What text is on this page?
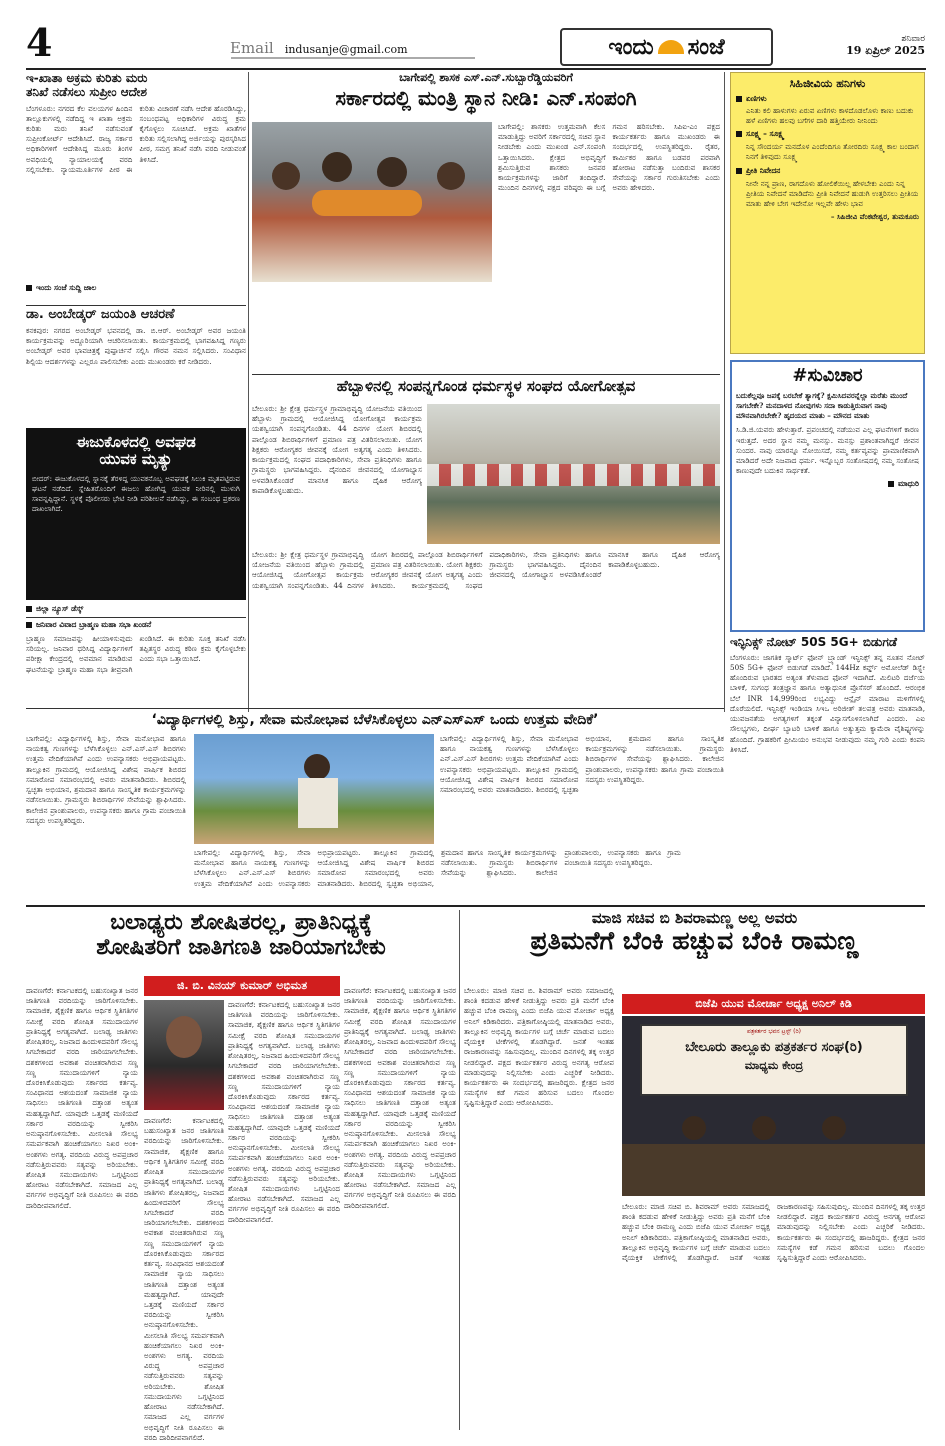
4	Email indusanje@gmail.com	ಇಂದು ಸಂಜೆ	ಶನಿವಾರ
19 ಏಪ್ರಿಲ್ 2025
ಇ-ಖಾತಾ ಅಕ್ರಮ ಕುರಿತು ಮರು
ತನಿಖೆ ನಡೆಸಲು ಸುಪ್ರೀಂ ಆದೇಶ
ಬೆಂಗಳೂರು: ನಗರದ ಕೆಲ ವಲಯಗಳ ಹಿಂದಿನ ತಾಲ್ಲೂಕುಗಳಲ್ಲಿ ನಡೆದಿದ್ದ ಇ ಖಾತಾ ಅಕ್ರಮ ಕುರಿತು ಮರು ತನಿಖೆ ನಡೆಸುವಂತೆ ಸುಪ್ರೀಂಕೋರ್ಟ್ ಆದೇಶಿಸಿದೆ. ರಾಜ್ಯ ಸರ್ಕಾರ ಅಧಿಕಾರಿಗಳಿಗೆ ಆದೇಶಿಸಿದ್ದ ಮೂರು ತಿಂಗಳ ಅವಧಿಯಲ್ಲಿ ನ್ಯಾಯಾಲಯಕ್ಕೆ ವರದಿ ಸಲ್ಲಿಸಬೇಕು. ನ್ಯಾಯಮೂರ್ತಿಗಳ ಪೀಠ ಈ ಕುರಿತು ವಿಚಾರಣೆ ನಡೆಸಿ ಆದೇಶ ಹೊರಡಿಸಿದ್ದು, ಸಂಬಂಧಪಟ್ಟ ಅಧಿಕಾರಿಗಳ ವಿರುದ್ಧ ಕ್ರಮ ಕೈಗೊಳ್ಳಲು ಸೂಚಿಸಿದೆ. ಅಕ್ರಮ ಖಾತೆಗಳ ಕುರಿತು ಸಲ್ಲಿಸಲಾಗಿದ್ದ ಅರ್ಜಿಯನ್ನು ಪುರಸ್ಕರಿಸಿದ ಪೀಠ, ಸಮಗ್ರ ತನಿಖೆ ನಡೆಸಿ ವರದಿ ನೀಡುವಂತೆ ತಿಳಿಸಿದೆ.
ಇಂದು ಸಂಜೆ ಸುದ್ದಿ ಜಾಲ
ಡಾ. ಅಂಬೇಡ್ಕರ್ ಜಯಂತಿ ಆಚರಣೆ
ಕನಕಪುರ: ನಗರದ ಅಂಬೇಡ್ಕರ್ ಭವನದಲ್ಲಿ ಡಾ. ಬಿ.ಆರ್. ಅಂಬೇಡ್ಕರ್ ಅವರ ಜಯಂತಿ ಕಾರ್ಯಕ್ರಮವನ್ನು ಅದ್ದೂರಿಯಾಗಿ ಆಚರಿಸಲಾಯಿತು. ಕಾರ್ಯಕ್ರಮದಲ್ಲಿ ಭಾಗವಹಿಸಿದ್ದ ಗಣ್ಯರು ಅಂಬೇಡ್ಕರ್ ಅವರ ಭಾವಚಿತ್ರಕ್ಕೆ ಪುಷ್ಪಾರ್ಚನೆ ಸಲ್ಲಿಸಿ ಗೌರವ ನಮನ ಸಲ್ಲಿಸಿದರು. ಸಂವಿಧಾನ ಶಿಲ್ಪಿಯ ಆದರ್ಶಗಳನ್ನು ಎಲ್ಲರೂ ಪಾಲಿಸಬೇಕು ಎಂದು ಮುಖಂಡರು ಕರೆ ನೀಡಿದರು.
ಈಜುಕೊಳದಲ್ಲಿ ಅವಘಡ
ಯುವಕ ಮೃತ್ಯು
ಬೀದರ್: ಈಜುಕೊಳದಲ್ಲಿ ಸ್ನಾನಕ್ಕೆ ತೆರಳಿದ್ದ ಯುವಕನೊಬ್ಬ ಅವಘಡಕ್ಕೆ ಸಿಲುಕಿ ಮೃತಪಟ್ಟಿರುವ ಘಟನೆ ನಡೆದಿದೆ. ಸ್ನೇಹಿತರೊಂದಿಗೆ ಈಜಲು ಹೋಗಿದ್ದ ಯುವಕ ನೀರಿನಲ್ಲಿ ಮುಳುಗಿ ಸಾವನ್ನಪ್ಪಿದ್ದಾನೆ. ಸ್ಥಳಕ್ಕೆ ಪೊಲೀಸರು ಭೇಟಿ ನೀಡಿ ಪರಿಶೀಲನೆ ನಡೆಸಿದ್ದು, ಈ ಸಂಬಂಧ ಪ್ರಕರಣ ದಾಖಲಾಗಿದೆ.
ಜಿಲ್ಲಾ ನ್ಯೂಸ್ ಡೆಸ್ಕ್
ಜನಿವಾರ ವಿವಾದ ಬ್ರಾಹ್ಮಣ ಮಹಾ ಸಭಾ ಖಂಡನೆ
ಬ್ರಾಹ್ಮಣ ಸಮಾಜವನ್ನು ಹೀಯಾಳಿಸುವುದು ಸರಿಯಲ್ಲ. ಜನಿವಾರ ಧರಿಸಿದ್ದ ವಿದ್ಯಾರ್ಥಿಗಳಿಗೆ ಪರೀಕ್ಷಾ ಕೇಂದ್ರದಲ್ಲಿ ಅವಮಾನ ಮಾಡಿರುವ ಘಟನೆಯನ್ನು ಬ್ರಾಹ್ಮಣ ಮಹಾ ಸಭಾ ತೀವ್ರವಾಗಿ ಖಂಡಿಸಿದೆ. ಈ ಕುರಿತು ಸೂಕ್ತ ತನಿಖೆ ನಡೆಸಿ ತಪ್ಪಿತಸ್ಥರ ವಿರುದ್ಧ ಕಠಿಣ ಕ್ರಮ ಕೈಗೊಳ್ಳಬೇಕು ಎಂದು ಸಭಾ ಒತ್ತಾಯಿಸಿದೆ.
ಬಾಗೇಪಲ್ಲಿ ಶಾಸಕ ಎಸ್.ಎನ್.ಸುಬ್ಬಾರೆಡ್ಡಿಯವರಿಗೆ
ಸರ್ಕಾರದಲ್ಲಿ ಮಂತ್ರಿ ಸ್ಥಾನ ನೀಡಿ: ಎನ್.ಸಂಪಂಗಿ
ಬಾಗೇಪಲ್ಲಿ: ಶಾಸಕರು ಉತ್ತಮವಾಗಿ ಕೆಲಸ ಮಾಡುತ್ತಿದ್ದು ಅವರಿಗೆ ಸರ್ಕಾರದಲ್ಲಿ ಸಚಿವ ಸ್ಥಾನ ನೀಡಬೇಕು ಎಂದು ಮುಖಂಡ ಎನ್.ಸಂಪಂಗಿ ಒತ್ತಾಯಿಸಿದರು. ಕ್ಷೇತ್ರದ ಅಭಿವೃದ್ಧಿಗೆ ಶ್ರಮಿಸುತ್ತಿರುವ ಶಾಸಕರು ಜನಪರ ಕಾರ್ಯಕ್ರಮಗಳನ್ನು ಜಾರಿಗೆ ತಂದಿದ್ದಾರೆ. ಮುಂದಿನ ದಿನಗಳಲ್ಲಿ ಪಕ್ಷದ ವರಿಷ್ಠರು ಈ ಬಗ್ಗೆ ಗಮನ ಹರಿಸಬೇಕು. ಸಿಪಿಐ-ಎಂ ಪಕ್ಷದ ಕಾರ್ಯಕರ್ತರು ಹಾಗೂ ಮುಖಂಡರು ಈ ಸಂದರ್ಭದಲ್ಲಿ ಉಪಸ್ಥಿತರಿದ್ದರು. ರೈತರ, ಕಾರ್ಮಿಕರ ಹಾಗೂ ಬಡವರ ಪರವಾಗಿ ಹೋರಾಟ ನಡೆಸುತ್ತಾ ಬಂದಿರುವ ಶಾಸಕರ ಸೇವೆಯನ್ನು ಸರ್ಕಾರ ಗುರುತಿಸಬೇಕು ಎಂದು ಅವರು ಹೇಳಿದರು.
ಹೆಬ್ಬಾಳಿನಲ್ಲಿ ಸಂಪನ್ನಗೊಂಡ ಧರ್ಮಸ್ಥಳ ಸಂಘದ ಯೋಗೋತ್ಸವ
ಬೇಲೂರು: ಶ್ರೀ ಕ್ಷೇತ್ರ ಧರ್ಮಸ್ಥಳ ಗ್ರಾಮಾಭಿವೃದ್ಧಿ ಯೋಜನೆಯ ವತಿಯಿಂದ ಹೆಬ್ಬಾಳು ಗ್ರಾಮದಲ್ಲಿ ಆಯೋಜಿಸಿದ್ದ ಯೋಗೋತ್ಸವ ಕಾರ್ಯಕ್ರಮ ಯಶಸ್ವಿಯಾಗಿ ಸಂಪನ್ನಗೊಂಡಿತು. 44 ದಿನಗಳ ಯೋಗ ಶಿಬಿರದಲ್ಲಿ ಪಾಲ್ಗೊಂಡ ಶಿಬಿರಾರ್ಥಿಗಳಿಗೆ ಪ್ರಮಾಣ ಪತ್ರ ವಿತರಿಸಲಾಯಿತು. ಯೋಗ ಶಿಕ್ಷಕರು ಆರೋಗ್ಯಕರ ಜೀವನಕ್ಕೆ ಯೋಗ ಅತ್ಯಗತ್ಯ ಎಂದು ತಿಳಿಸಿದರು. ಕಾರ್ಯಕ್ರಮದಲ್ಲಿ ಸಂಘದ ಪದಾಧಿಕಾರಿಗಳು, ಸೇವಾ ಪ್ರತಿನಿಧಿಗಳು ಹಾಗೂ ಗ್ರಾಮಸ್ಥರು ಭಾಗವಹಿಸಿದ್ದರು. ದೈನಂದಿನ ಜೀವನದಲ್ಲಿ ಯೋಗಾಭ್ಯಾಸ ಅಳವಡಿಸಿಕೊಂಡರೆ ಮಾನಸಿಕ ಹಾಗೂ ದೈಹಿಕ ಆರೋಗ್ಯ ಕಾಪಾಡಿಕೊಳ್ಳಬಹುದು.
ಬೇಲೂರು: ಶ್ರೀ ಕ್ಷೇತ್ರ ಧರ್ಮಸ್ಥಳ ಗ್ರಾಮಾಭಿವೃದ್ಧಿ ಯೋಜನೆಯ ವತಿಯಿಂದ ಹೆಬ್ಬಾಳು ಗ್ರಾಮದಲ್ಲಿ ಆಯೋಜಿಸಿದ್ದ ಯೋಗೋತ್ಸವ ಕಾರ್ಯಕ್ರಮ ಯಶಸ್ವಿಯಾಗಿ ಸಂಪನ್ನಗೊಂಡಿತು. 44 ದಿನಗಳ ಯೋಗ ಶಿಬಿರದಲ್ಲಿ ಪಾಲ್ಗೊಂಡ ಶಿಬಿರಾರ್ಥಿಗಳಿಗೆ ಪ್ರಮಾಣ ಪತ್ರ ವಿತರಿಸಲಾಯಿತು. ಯೋಗ ಶಿಕ್ಷಕರು ಆರೋಗ್ಯಕರ ಜೀವನಕ್ಕೆ ಯೋಗ ಅತ್ಯಗತ್ಯ ಎಂದು ತಿಳಿಸಿದರು. ಕಾರ್ಯಕ್ರಮದಲ್ಲಿ ಸಂಘದ ಪದಾಧಿಕಾರಿಗಳು, ಸೇವಾ ಪ್ರತಿನಿಧಿಗಳು ಹಾಗೂ ಗ್ರಾಮಸ್ಥರು ಭಾಗವಹಿಸಿದ್ದರು. ದೈನಂದಿನ ಜೀವನದಲ್ಲಿ ಯೋಗಾಭ್ಯಾಸ ಅಳವಡಿಸಿಕೊಂಡರೆ ಮಾನಸಿಕ ಹಾಗೂ ದೈಹಿಕ ಆರೋಗ್ಯ ಕಾಪಾಡಿಕೊಳ್ಳಬಹುದು.
ಸಿಹಿಜೀವಿಯ ಹನಿಗಳು
ಏಣಿಗಳು
ಎನಿತು ಕಲಿ ಹಾಳುಗಳು ಏರುವ ಏಣಿಗಳು ಕಾಳದೊಡಲೊಳು ಕಾಣು ಬದುಕು ಹಳೆ ಏಣಿಗಳು ಹಲವು ಬಗೆಗಳ ದಾರಿ ಹತ್ತಿಯೇರು ನೀನಿಂದು
ಸೂಕ್ಷ್ಮ – ಸೂಕ್ಷ್ಮ
ನಿನ್ನ ಸೌಂದರ್ಯ ಮನದೊಳ ಎಂದೆಂದಿಗೂ ತೋರದಿರು ಸೂಕ್ಷ್ಮ ಕಾಲ ಬಂದಾಗ ನಿನಗೆ ತಿಳಿವುದು ಸೂಕ್ಷ್ಮ
ಪ್ರೀತಿ ನಿವೇದನ
ನೀನೇ ನನ್ನ ಪ್ರಾಣ, ರಾಗದೊಳು ಹೋಲಿಕೆಯಿಲ್ಲ ಹೇಳಬೇಕು ಎಂದು ನಿನ್ನ ಪ್ರೀತಿಯ ನಿವೇದನೆ ಮಾಡಿದೆನು ಪ್ರೀತಿ ನಿವೇದನೆ ಹುಡುಗಿ ಉತ್ತರಿಸಲು ಪ್ರೀತಿಯ ಮಾತು ಹೇಳಿ ಬೇಗ ಇದೇನೋ ಇಲ್ಲವೇ ಹೇಳು ಭಾವ
– ಸಿಹಿಜೀವಿ ವೆಂಕಟೇಶ್ವರ, ತುಮಕೂರು
#ಸುವಿಚಾರ
ಬದುಕೆಲ್ಲವೂ ಜಪಕ್ಕೆ ಬರಬೇಕೆ ತ್ಯಾಗಕ್ಕೆ? ಕ್ಷಮಿಸಿದವರನ್ನೆಲ್ಲಾ ಮರೆತು ಮುಂದೆ ಸಾಗಬೇಕೇ? ಮನದಾಳದ ನೋವುಗಳು ಸದಾ ಕಾಡುತ್ತಿರುವಾಗ ನಾವು ಮೌನವಾಗಿರಬೇಕೇ? ಹೃದಯದ ಮಾತು – ಮೌನದ ಮಾತು
ಸಿ.ಡಿ.ಜಿ.ಯವರು ಹೇಳುತ್ತಾರೆ. ಪ್ರಪಂಚದಲ್ಲಿ ನಡೆಯುವ ಎಲ್ಲ ಘಟನೆಗಳಿಗೆ ಕಾರಣ ಇರುತ್ತದೆ. ಅದರ ಸ್ಥಾನ ನಮ್ಮ ಮನಸ್ಸು. ಮನಸ್ಸು ಪ್ರಶಾಂತವಾಗಿದ್ದರೆ ಜೀವನ ಸುಂದರ. ನಾವು ಯಾರನ್ನೂ ನೋಯಿಸದೆ, ನಮ್ಮ ಕರ್ತವ್ಯವನ್ನು ಪ್ರಾಮಾಣಿಕವಾಗಿ ಮಾಡಿದರೆ ಅದೇ ನಿಜವಾದ ಧರ್ಮ. ಇನ್ನೊಬ್ಬರ ಸಂತೋಷದಲ್ಲಿ ನಮ್ಮ ಸಂತೋಷ ಕಾಣುವುದೇ ಬದುಕಿನ ಸಾರ್ಥಕತೆ.
ಮಾಧುರಿ
ಇನ್ಫಿನಿಕ್ಸ್ ನೋಟ್ 50S 5G+ ಬಿಡುಗಡೆ
ಬೆಂಗಳೂರು: ಜಾಗತಿಕ ಸ್ಮಾರ್ಟ್ ಫೋನ್ ಬ್ರ್ಯಾಂಡ್ ಇನ್ಫಿನಿಕ್ಸ್ ತನ್ನ ನೂತನ ನೋಟ್ 50S 5G+ ಫೋನ್ ಬಿಡುಗಡೆ ಮಾಡಿದೆ. 144Hz ಕರ್ವ್ಡ್ ಅಮೋಲೆಡ್ ಡಿಸ್ಪ್ಲೇ ಹೊಂದಿರುವ ಭಾರತದ ಅತ್ಯಂತ ತೆಳುವಾದ ಫೋನ್ ಇದಾಗಿದೆ. ಮಿಲಿಟರಿ ದರ್ಜೆಯ ಬಾಳಿಕೆ, ಸುಗಂಧ ತಂತ್ರಜ್ಞಾನ ಹಾಗೂ ಅತ್ಯಾಧುನಿಕ ಪ್ರೊಸೆಸರ್ ಹೊಂದಿದೆ. ಆರಂಭಿಕ ಬೆಲೆ INR 14,999ರಿಂದ ಲಭ್ಯವಿದ್ದು ಆನ್ಲೈನ್ ಮಾರಾಟ ಮಳಿಗೆಗಳಲ್ಲಿ ದೊರೆಯಲಿದೆ. ಇನ್ಫಿನಿಕ್ಸ್ ಇಂಡಿಯಾ ಸಿಇಒ ಅರಿಜೀತ್ ತಲಪತ್ರ ಅವರು ಮಾತನಾಡಿ, ಯುವಜನತೆಯ ಅಗತ್ಯಗಳಿಗೆ ತಕ್ಕಂತೆ ವಿನ್ಯಾಸಗೊಳಿಸಲಾಗಿದೆ ಎಂದರು. ಎಐ ಸೌಲಭ್ಯಗಳು, ದೀರ್ಘ ಬ್ಯಾಟರಿ ಬಾಳಿಕೆ ಹಾಗೂ ಅತ್ಯುತ್ತಮ ಕ್ಯಾಮೆರಾ ವೈಶಿಷ್ಟ್ಯಗಳನ್ನು ಹೊಂದಿದೆ. ಗ್ರಾಹಕರಿಗೆ ಪ್ರೀಮಿಯಂ ಅನುಭವ ನೀಡುವುದು ನಮ್ಮ ಗುರಿ ಎಂದು ಕಂಪನಿ ತಿಳಿಸಿದೆ.
‘ವಿದ್ಯಾರ್ಥಿಗಳಲ್ಲಿ ಶಿಸ್ತು, ಸೇವಾ ಮನೋಭಾವ ಬೆಳೆಸಿಕೊಳ್ಳಲು ಎನ್ಎಸ್ಎಸ್ ಒಂದು ಉತ್ತಮ ವೇದಿಕೆ’
ಬಾಗೇಪಲ್ಲಿ: ವಿದ್ಯಾರ್ಥಿಗಳಲ್ಲಿ ಶಿಸ್ತು, ಸೇವಾ ಮನೋಭಾವ ಹಾಗೂ ನಾಯಕತ್ವ ಗುಣಗಳನ್ನು ಬೆಳೆಸಿಕೊಳ್ಳಲು ಎನ್.ಎಸ್.ಎಸ್ ಶಿಬಿರಗಳು ಉತ್ತಮ ವೇದಿಕೆಯಾಗಿವೆ ಎಂದು ಉಪನ್ಯಾಸಕರು ಅಭಿಪ್ರಾಯಪಟ್ಟರು. ತಾಲ್ಲೂಕಿನ ಗ್ರಾಮದಲ್ಲಿ ಆಯೋಜಿಸಿದ್ದ ವಿಶೇಷ ವಾರ್ಷಿಕ ಶಿಬಿರದ ಸಮಾರೋಪ ಸಮಾರಂಭದಲ್ಲಿ ಅವರು ಮಾತನಾಡಿದರು. ಶಿಬಿರದಲ್ಲಿ ಸ್ವಚ್ಛತಾ ಅಭಿಯಾನ, ಶ್ರಮದಾನ ಹಾಗೂ ಸಾಂಸ್ಕೃತಿಕ ಕಾರ್ಯಕ್ರಮಗಳನ್ನು ನಡೆಸಲಾಯಿತು. ಗ್ರಾಮಸ್ಥರು ಶಿಬಿರಾರ್ಥಿಗಳ ಸೇವೆಯನ್ನು ಶ್ಲಾಘಿಸಿದರು. ಕಾಲೇಜಿನ ಪ್ರಾಂಶುಪಾಲರು, ಉಪನ್ಯಾಸಕರು ಹಾಗೂ ಗ್ರಾಮ ಪಂಚಾಯಿತಿ ಸದಸ್ಯರು ಉಪಸ್ಥಿತರಿದ್ದರು.
ಬಾಗೇಪಲ್ಲಿ: ವಿದ್ಯಾರ್ಥಿಗಳಲ್ಲಿ ಶಿಸ್ತು, ಸೇವಾ ಮನೋಭಾವ ಹಾಗೂ ನಾಯಕತ್ವ ಗುಣಗಳನ್ನು ಬೆಳೆಸಿಕೊಳ್ಳಲು ಎನ್.ಎಸ್.ಎಸ್ ಶಿಬಿರಗಳು ಉತ್ತಮ ವೇದಿಕೆಯಾಗಿವೆ ಎಂದು ಉಪನ್ಯಾಸಕರು ಅಭಿಪ್ರಾಯಪಟ್ಟರು. ತಾಲ್ಲೂಕಿನ ಗ್ರಾಮದಲ್ಲಿ ಆಯೋಜಿಸಿದ್ದ ವಿಶೇಷ ವಾರ್ಷಿಕ ಶಿಬಿರದ ಸಮಾರೋಪ ಸಮಾರಂಭದಲ್ಲಿ ಅವರು ಮಾತನಾಡಿದರು. ಶಿಬಿರದಲ್ಲಿ ಸ್ವಚ್ಛತಾ ಅಭಿಯಾನ, ಶ್ರಮದಾನ ಹಾಗೂ ಸಾಂಸ್ಕೃತಿಕ ಕಾರ್ಯಕ್ರಮಗಳನ್ನು ನಡೆಸಲಾಯಿತು. ಗ್ರಾಮಸ್ಥರು ಶಿಬಿರಾರ್ಥಿಗಳ ಸೇವೆಯನ್ನು ಶ್ಲಾಘಿಸಿದರು. ಕಾಲೇಜಿನ ಪ್ರಾಂಶುಪಾಲರು, ಉಪನ್ಯಾಸಕರು ಹಾಗೂ ಗ್ರಾಮ ಪಂಚಾಯಿತಿ ಸದಸ್ಯರು ಉಪಸ್ಥಿತರಿದ್ದರು.
ಬಾಗೇಪಲ್ಲಿ: ವಿದ್ಯಾರ್ಥಿಗಳಲ್ಲಿ ಶಿಸ್ತು, ಸೇವಾ ಮನೋಭಾವ ಹಾಗೂ ನಾಯಕತ್ವ ಗುಣಗಳನ್ನು ಬೆಳೆಸಿಕೊಳ್ಳಲು ಎನ್.ಎಸ್.ಎಸ್ ಶಿಬಿರಗಳು ಉತ್ತಮ ವೇದಿಕೆಯಾಗಿವೆ ಎಂದು ಉಪನ್ಯಾಸಕರು ಅಭಿಪ್ರಾಯಪಟ್ಟರು. ತಾಲ್ಲೂಕಿನ ಗ್ರಾಮದಲ್ಲಿ ಆಯೋಜಿಸಿದ್ದ ವಿಶೇಷ ವಾರ್ಷಿಕ ಶಿಬಿರದ ಸಮಾರೋಪ ಸಮಾರಂಭದಲ್ಲಿ ಅವರು ಮಾತನಾಡಿದರು. ಶಿಬಿರದಲ್ಲಿ ಸ್ವಚ್ಛತಾ ಅಭಿಯಾನ, ಶ್ರಮದಾನ ಹಾಗೂ ಸಾಂಸ್ಕೃತಿಕ ಕಾರ್ಯಕ್ರಮಗಳನ್ನು ನಡೆಸಲಾಯಿತು. ಗ್ರಾಮಸ್ಥರು ಶಿಬಿರಾರ್ಥಿಗಳ ಸೇವೆಯನ್ನು ಶ್ಲಾಘಿಸಿದರು. ಕಾಲೇಜಿನ ಪ್ರಾಂಶುಪಾಲರು, ಉಪನ್ಯಾಸಕರು ಹಾಗೂ ಗ್ರಾಮ ಪಂಚಾಯಿತಿ ಸದಸ್ಯರು ಉಪಸ್ಥಿತರಿದ್ದರು.
ಬಲಾಢ್ಯರು ಶೋಷಿತರಲ್ಲ, ಪ್ರಾತಿನಿಧ್ಯಕ್ಕೆ
ಶೋಷಿತರಿಗೆ ಜಾತಿಗಣತಿ ಜಾರಿಯಾಗಬೇಕು
ಜಿ. ಬಿ. ವಿನಯ್ ಕುಮಾರ್ ಅಭಿಮತ
ದಾವಣಗೆರೆ: ಕರ್ನಾಟಕದಲ್ಲಿ ಬಹುಸಂಖ್ಯಾತ ಜನರ ಜಾತಿಗಣತಿ ವರದಿಯನ್ನು ಜಾರಿಗೊಳಿಸಬೇಕು. ಸಾಮಾಜಿಕ, ಶೈಕ್ಷಣಿಕ ಹಾಗೂ ಆರ್ಥಿಕ ಸ್ಥಿತಿಗತಿಗಳ ಸಮೀಕ್ಷೆ ವರದಿ ಶೋಷಿತ ಸಮುದಾಯಗಳ ಪ್ರಾತಿನಿಧ್ಯಕ್ಕೆ ಅಗತ್ಯವಾಗಿದೆ. ಬಲಾಢ್ಯ ಜಾತಿಗಳು ಶೋಷಿತರಲ್ಲ, ನಿಜವಾದ ಹಿಂದುಳಿದವರಿಗೆ ಸೌಲಭ್ಯ ಸಿಗಬೇಕಾದರೆ ವರದಿ ಜಾರಿಯಾಗಲೇಬೇಕು. ದಶಕಗಳಿಂದ ಅವಕಾಶ ವಂಚಿತರಾಗಿರುವ ಸಣ್ಣ ಸಣ್ಣ ಸಮುದಾಯಗಳಿಗೆ ನ್ಯಾಯ ದೊರಕಿಸಿಕೊಡುವುದು ಸರ್ಕಾರದ ಕರ್ತವ್ಯ. ಸಂವಿಧಾನದ ಆಶಯದಂತೆ ಸಾಮಾಜಿಕ ನ್ಯಾಯ ಸಾಧಿಸಲು ಜಾತಿಗಣತಿ ದತ್ತಾಂಶ ಅತ್ಯಂತ ಮಹತ್ವದ್ದಾಗಿದೆ. ಯಾವುದೇ ಒತ್ತಡಕ್ಕೆ ಮಣಿಯದೆ ಸರ್ಕಾರ ವರದಿಯನ್ನು ಸ್ವೀಕರಿಸಿ ಅನುಷ್ಠಾನಗೊಳಿಸಬೇಕು. ಮೀಸಲಾತಿ ಸೌಲಭ್ಯ ಸಮರ್ಪಕವಾಗಿ ಹಂಚಿಕೆಯಾಗಲು ನಿಖರ ಅಂಕಿ-ಅಂಶಗಳು ಅಗತ್ಯ. ವರದಿಯ ವಿರುದ್ಧ ಅಪಪ್ರಚಾರ ನಡೆಸುತ್ತಿರುವವರು ಸತ್ಯವನ್ನು ಅರಿಯಬೇಕು. ಶೋಷಿತ ಸಮುದಾಯಗಳು ಒಗ್ಗಟ್ಟಿನಿಂದ ಹೋರಾಟ ನಡೆಸಬೇಕಾಗಿದೆ. ಸಮಾಜದ ಎಲ್ಲ ವರ್ಗಗಳ ಅಭಿವೃದ್ಧಿಗೆ ನೀತಿ ರೂಪಿಸಲು ಈ ವರದಿ ದಾರಿದೀಪವಾಗಲಿದೆ.
ದಾವಣಗೆರೆ: ಕರ್ನಾಟಕದಲ್ಲಿ ಬಹುಸಂಖ್ಯಾತ ಜನರ ಜಾತಿಗಣತಿ ವರದಿಯನ್ನು ಜಾರಿಗೊಳಿಸಬೇಕು. ಸಾಮಾಜಿಕ, ಶೈಕ್ಷಣಿಕ ಹಾಗೂ ಆರ್ಥಿಕ ಸ್ಥಿತಿಗತಿಗಳ ಸಮೀಕ್ಷೆ ವರದಿ ಶೋಷಿತ ಸಮುದಾಯಗಳ ಪ್ರಾತಿನಿಧ್ಯಕ್ಕೆ ಅಗತ್ಯವಾಗಿದೆ. ಬಲಾಢ್ಯ ಜಾತಿಗಳು ಶೋಷಿತರಲ್ಲ, ನಿಜವಾದ ಹಿಂದುಳಿದವರಿಗೆ ಸೌಲಭ್ಯ ಸಿಗಬೇಕಾದರೆ ವರದಿ ಜಾರಿಯಾಗಲೇಬೇಕು. ದಶಕಗಳಿಂದ ಅವಕಾಶ ವಂಚಿತರಾಗಿರುವ ಸಣ್ಣ ಸಣ್ಣ ಸಮುದಾಯಗಳಿಗೆ ನ್ಯಾಯ ದೊರಕಿಸಿಕೊಡುವುದು ಸರ್ಕಾರದ ಕರ್ತವ್ಯ. ಸಂವಿಧಾನದ ಆಶಯದಂತೆ ಸಾಮಾಜಿಕ ನ್ಯಾಯ ಸಾಧಿಸಲು ಜಾತಿಗಣತಿ ದತ್ತಾಂಶ ಅತ್ಯಂತ ಮಹತ್ವದ್ದಾಗಿದೆ. ಯಾವುದೇ ಒತ್ತಡಕ್ಕೆ ಮಣಿಯದೆ ಸರ್ಕಾರ ವರದಿಯನ್ನು ಸ್ವೀಕರಿಸಿ ಅನುಷ್ಠಾನಗೊಳಿಸಬೇಕು. ಮೀಸಲಾತಿ ಸೌಲಭ್ಯ ಸಮರ್ಪಕವಾಗಿ ಹಂಚಿಕೆಯಾಗಲು ನಿಖರ ಅಂಕಿ-ಅಂಶಗಳು ಅಗತ್ಯ. ವರದಿಯ ವಿರುದ್ಧ ಅಪಪ್ರಚಾರ ನಡೆಸುತ್ತಿರುವವರು ಸತ್ಯವನ್ನು ಅರಿಯಬೇಕು. ಶೋಷಿತ ಸಮುದಾಯಗಳು ಒಗ್ಗಟ್ಟಿನಿಂದ ಹೋರಾಟ ನಡೆಸಬೇಕಾಗಿದೆ. ಸಮಾಜದ ಎಲ್ಲ ವರ್ಗಗಳ ಅಭಿವೃದ್ಧಿಗೆ ನೀತಿ ರೂಪಿಸಲು ಈ ವರದಿ ದಾರಿದೀಪವಾಗಲಿದೆ.
ದಾವಣಗೆರೆ: ಕರ್ನಾಟಕದಲ್ಲಿ ಬಹುಸಂಖ್ಯಾತ ಜನರ ಜಾತಿಗಣತಿ ವರದಿಯನ್ನು ಜಾರಿಗೊಳಿಸಬೇಕು. ಸಾಮಾಜಿಕ, ಶೈಕ್ಷಣಿಕ ಹಾಗೂ ಆರ್ಥಿಕ ಸ್ಥಿತಿಗತಿಗಳ ಸಮೀಕ್ಷೆ ವರದಿ ಶೋಷಿತ ಸಮುದಾಯಗಳ ಪ್ರಾತಿನಿಧ್ಯಕ್ಕೆ ಅಗತ್ಯವಾಗಿದೆ. ಬಲಾಢ್ಯ ಜಾತಿಗಳು ಶೋಷಿತರಲ್ಲ, ನಿಜವಾದ ಹಿಂದುಳಿದವರಿಗೆ ಸೌಲಭ್ಯ ಸಿಗಬೇಕಾದರೆ ವರದಿ ಜಾರಿಯಾಗಲೇಬೇಕು. ದಶಕಗಳಿಂದ ಅವಕಾಶ ವಂಚಿತರಾಗಿರುವ ಸಣ್ಣ ಸಣ್ಣ ಸಮುದಾಯಗಳಿಗೆ ನ್ಯಾಯ ದೊರಕಿಸಿಕೊಡುವುದು ಸರ್ಕಾರದ ಕರ್ತವ್ಯ. ಸಂವಿಧಾನದ ಆಶಯದಂತೆ ಸಾಮಾಜಿಕ ನ್ಯಾಯ ಸಾಧಿಸಲು ಜಾತಿಗಣತಿ ದತ್ತಾಂಶ ಅತ್ಯಂತ ಮಹತ್ವದ್ದಾಗಿದೆ. ಯಾವುದೇ ಒತ್ತಡಕ್ಕೆ ಮಣಿಯದೆ ಸರ್ಕಾರ ವರದಿಯನ್ನು ಸ್ವೀಕರಿಸಿ ಅನುಷ್ಠಾನಗೊಳಿಸಬೇಕು. ಮೀಸಲಾತಿ ಸೌಲಭ್ಯ ಸಮರ್ಪಕವಾಗಿ ಹಂಚಿಕೆಯಾಗಲು ನಿಖರ ಅಂಕಿ-ಅಂಶಗಳು ಅಗತ್ಯ. ವರದಿಯ ವಿರುದ್ಧ ಅಪಪ್ರಚಾರ ನಡೆಸುತ್ತಿರುವವರು ಸತ್ಯವನ್ನು ಅರಿಯಬೇಕು. ಶೋಷಿತ ಸಮುದಾಯಗಳು ಒಗ್ಗಟ್ಟಿನಿಂದ ಹೋರಾಟ ನಡೆಸಬೇಕಾಗಿದೆ. ಸಮಾಜದ ಎಲ್ಲ ವರ್ಗಗಳ ಅಭಿವೃದ್ಧಿಗೆ ನೀತಿ ರೂಪಿಸಲು ಈ ವರದಿ ದಾರಿದೀಪವಾಗಲಿದೆ.
ದಾವಣಗೆರೆ: ಕರ್ನಾಟಕದಲ್ಲಿ ಬಹುಸಂಖ್ಯಾತ ಜನರ ಜಾತಿಗಣತಿ ವರದಿಯನ್ನು ಜಾರಿಗೊಳಿಸಬೇಕು. ಸಾಮಾಜಿಕ, ಶೈಕ್ಷಣಿಕ ಹಾಗೂ ಆರ್ಥಿಕ ಸ್ಥಿತಿಗತಿಗಳ ಸಮೀಕ್ಷೆ ವರದಿ ಶೋಷಿತ ಸಮುದಾಯಗಳ ಪ್ರಾತಿನಿಧ್ಯಕ್ಕೆ ಅಗತ್ಯವಾಗಿದೆ. ಬಲಾಢ್ಯ ಜಾತಿಗಳು ಶೋಷಿತರಲ್ಲ, ನಿಜವಾದ ಹಿಂದುಳಿದವರಿಗೆ ಸೌಲಭ್ಯ ಸಿಗಬೇಕಾದರೆ ವರದಿ ಜಾರಿಯಾಗಲೇಬೇಕು. ದಶಕಗಳಿಂದ ಅವಕಾಶ ವಂಚಿತರಾಗಿರುವ ಸಣ್ಣ ಸಣ್ಣ ಸಮುದಾಯಗಳಿಗೆ ನ್ಯಾಯ ದೊರಕಿಸಿಕೊಡುವುದು ಸರ್ಕಾರದ ಕರ್ತವ್ಯ. ಸಂವಿಧಾನದ ಆಶಯದಂತೆ ಸಾಮಾಜಿಕ ನ್ಯಾಯ ಸಾಧಿಸಲು ಜಾತಿಗಣತಿ ದತ್ತಾಂಶ ಅತ್ಯಂತ ಮಹತ್ವದ್ದಾಗಿದೆ. ಯಾವುದೇ ಒತ್ತಡಕ್ಕೆ ಮಣಿಯದೆ ಸರ್ಕಾರ ವರದಿಯನ್ನು ಸ್ವೀಕರಿಸಿ ಅನುಷ್ಠಾನಗೊಳಿಸಬೇಕು. ಮೀಸಲಾತಿ ಸೌಲಭ್ಯ ಸಮರ್ಪಕವಾಗಿ ಹಂಚಿಕೆಯಾಗಲು ನಿಖರ ಅಂಕಿ-ಅಂಶಗಳು ಅಗತ್ಯ. ವರದಿಯ ವಿರುದ್ಧ ಅಪಪ್ರಚಾರ ನಡೆಸುತ್ತಿರುವವರು ಸತ್ಯವನ್ನು ಅರಿಯಬೇಕು. ಶೋಷಿತ ಸಮುದಾಯಗಳು ಒಗ್ಗಟ್ಟಿನಿಂದ ಹೋರಾಟ ನಡೆಸಬೇಕಾಗಿದೆ. ಸಮಾಜದ ಎಲ್ಲ ವರ್ಗಗಳ ಅಭಿವೃದ್ಧಿಗೆ ನೀತಿ ರೂಪಿಸಲು ಈ ವರದಿ ದಾರಿದೀಪವಾಗಲಿದೆ.
ಮಾಜಿ ಸಚಿವ ಬಿ ಶಿವರಾಮಣ್ಣ ಅಲ್ಲ ಅವರು
ಪ್ರತಿಮನೆಗೆ ಬೆಂಕಿ ಹಚ್ಚುವ ಬೆಂಕಿ ರಾಮಣ್ಣ
ಬೇಲೂರು: ಮಾಜಿ ಸಚಿವ ಬಿ. ಶಿವರಾಮ್ ಅವರು ಸಮಾಜದಲ್ಲಿ ಶಾಂತಿ ಕದಡುವ ಹೇಳಿಕೆ ನೀಡುತ್ತಿದ್ದು ಅವರು ಪ್ರತಿ ಮನೆಗೆ ಬೆಂಕಿ ಹಚ್ಚುವ ಬೆಂಕಿ ರಾಮಣ್ಣ ಎಂದು ಬಿಜೆಪಿ ಯುವ ಮೋರ್ಚಾ ಅಧ್ಯಕ್ಷ ಅನಿಲ್ ಕಿಡಿಕಾರಿದರು. ಪತ್ರಿಕಾಗೋಷ್ಠಿಯಲ್ಲಿ ಮಾತನಾಡಿದ ಅವರು, ತಾಲ್ಲೂಕಿನ ಅಭಿವೃದ್ಧಿ ಕಾರ್ಯಗಳ ಬಗ್ಗೆ ಚರ್ಚೆ ಮಾಡುವ ಬದಲು ವೈಯಕ್ತಿಕ ಟೀಕೆಗಳಲ್ಲಿ ತೊಡಗಿದ್ದಾರೆ. ಜನತೆ ಇಂತಹ ರಾಜಕಾರಣವನ್ನು ಸಹಿಸುವುದಿಲ್ಲ. ಮುಂದಿನ ದಿನಗಳಲ್ಲಿ ತಕ್ಕ ಉತ್ತರ ನೀಡಲಿದ್ದಾರೆ. ಪಕ್ಷದ ಕಾರ್ಯಕರ್ತರ ವಿರುದ್ಧ ಅನಗತ್ಯ ಆರೋಪ ಮಾಡುವುದನ್ನು ನಿಲ್ಲಿಸಬೇಕು ಎಂದು ಎಚ್ಚರಿಕೆ ನೀಡಿದರು. ಕಾರ್ಯಕರ್ತರು ಈ ಸಂದರ್ಭದಲ್ಲಿ ಹಾಜರಿದ್ದರು. ಕ್ಷೇತ್ರದ ಜನರ ಸಮಸ್ಯೆಗಳ ಕಡೆ ಗಮನ ಹರಿಸುವ ಬದಲು ಗೊಂದಲ ಸೃಷ್ಟಿಸುತ್ತಿದ್ದಾರೆ ಎಂದು ಆರೋಪಿಸಿದರು.
ಬಿಜೆಪಿ ಯುವ ಮೋರ್ಚಾ ಅಧ್ಯಕ್ಷ ಅನಿಲ್ ಕಿಡಿ
ಪತ್ರಕರ್ತರ ಭವನ ಟ್ರಸ್ಟ್ (ರಿ)
ಬೇಲೂರು ತಾಲ್ಲೂಕು ಪತ್ರಕರ್ತರ ಸಂಘ(ರಿ)
ಮಾಧ್ಯಮ ಕೇಂದ್ರ
ಬೇಲೂರು: ಮಾಜಿ ಸಚಿವ ಬಿ. ಶಿವರಾಮ್ ಅವರು ಸಮಾಜದಲ್ಲಿ ಶಾಂತಿ ಕದಡುವ ಹೇಳಿಕೆ ನೀಡುತ್ತಿದ್ದು ಅವರು ಪ್ರತಿ ಮನೆಗೆ ಬೆಂಕಿ ಹಚ್ಚುವ ಬೆಂಕಿ ರಾಮಣ್ಣ ಎಂದು ಬಿಜೆಪಿ ಯುವ ಮೋರ್ಚಾ ಅಧ್ಯಕ್ಷ ಅನಿಲ್ ಕಿಡಿಕಾರಿದರು. ಪತ್ರಿಕಾಗೋಷ್ಠಿಯಲ್ಲಿ ಮಾತನಾಡಿದ ಅವರು, ತಾಲ್ಲೂಕಿನ ಅಭಿವೃದ್ಧಿ ಕಾರ್ಯಗಳ ಬಗ್ಗೆ ಚರ್ಚೆ ಮಾಡುವ ಬದಲು ವೈಯಕ್ತಿಕ ಟೀಕೆಗಳಲ್ಲಿ ತೊಡಗಿದ್ದಾರೆ. ಜನತೆ ಇಂತಹ ರಾಜಕಾರಣವನ್ನು ಸಹಿಸುವುದಿಲ್ಲ. ಮುಂದಿನ ದಿನಗಳಲ್ಲಿ ತಕ್ಕ ಉತ್ತರ ನೀಡಲಿದ್ದಾರೆ. ಪಕ್ಷದ ಕಾರ್ಯಕರ್ತರ ವಿರುದ್ಧ ಅನಗತ್ಯ ಆರೋಪ ಮಾಡುವುದನ್ನು ನಿಲ್ಲಿಸಬೇಕು ಎಂದು ಎಚ್ಚರಿಕೆ ನೀಡಿದರು. ಕಾರ್ಯಕರ್ತರು ಈ ಸಂದರ್ಭದಲ್ಲಿ ಹಾಜರಿದ್ದರು. ಕ್ಷೇತ್ರದ ಜನರ ಸಮಸ್ಯೆಗಳ ಕಡೆ ಗಮನ ಹರಿಸುವ ಬದಲು ಗೊಂದಲ ಸೃಷ್ಟಿಸುತ್ತಿದ್ದಾರೆ ಎಂದು ಆರೋಪಿಸಿದರು.
